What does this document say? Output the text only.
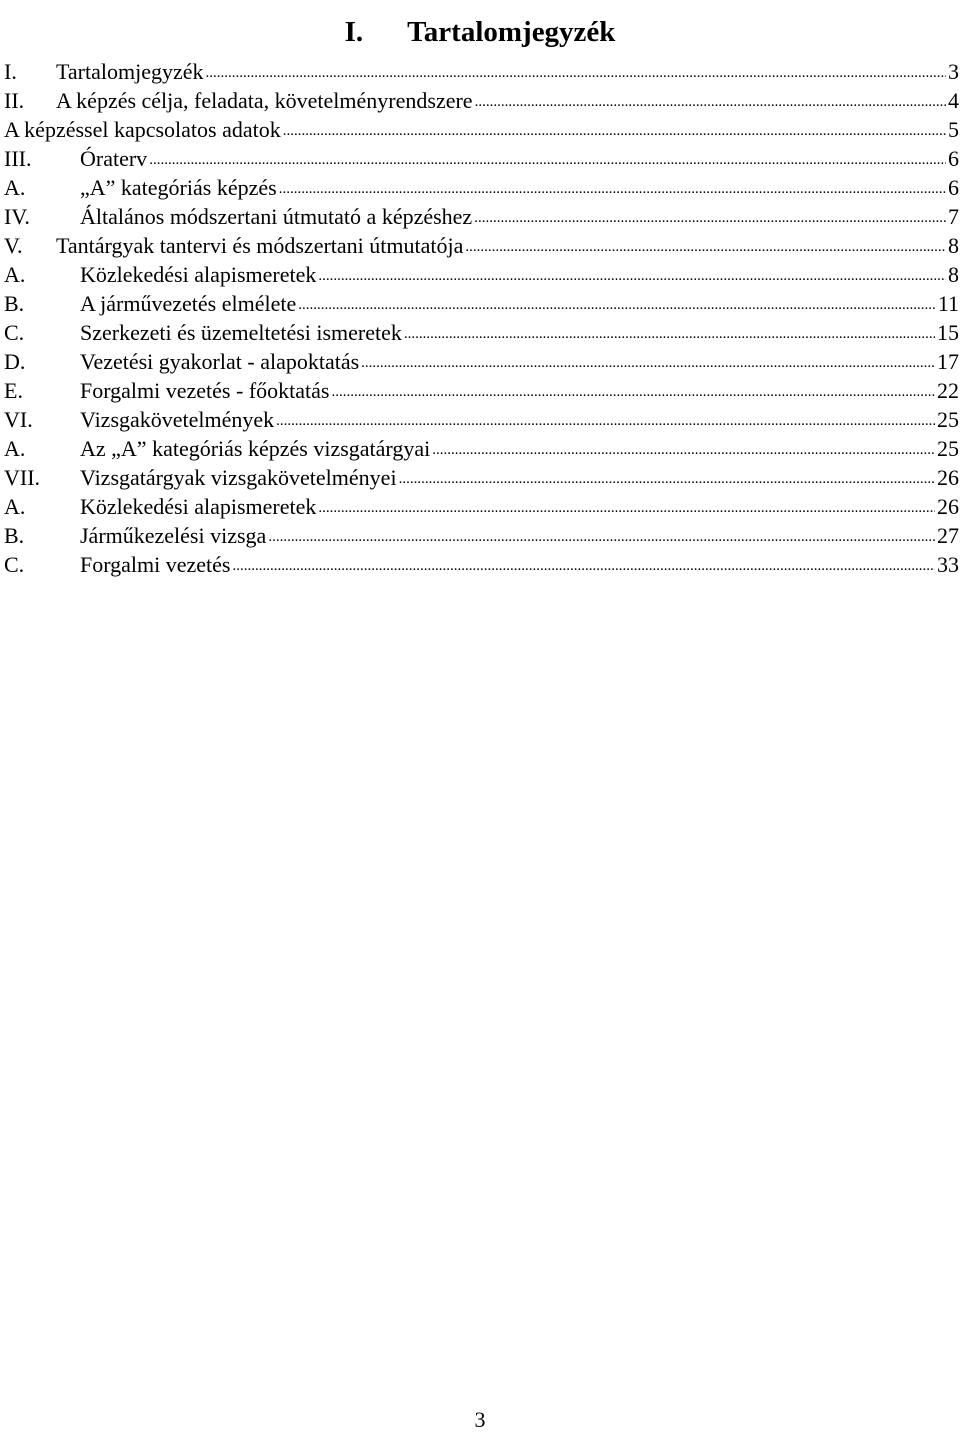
I. Tartalomjegyzék
I.	Tartalomjegyzék .....	3
II.	A képzés célja, feladata, követelményrendszere .....	4
A képzéssel kapcsolatos adatok .....	5
III.	Óraterv .....	6
A.	„A” kategóriás képzés .....	6
IV.	Általános módszertani útmutató a képzéshez .....	7
V.	Tantárgyak tantervi és módszertani útmutatója .....	8
A.	Közlekedési alapismeretek .....	8
B.	A járművezetés elmélete .....	11
C.	Szerkezeti és üzemeltetési ismeretek .....	15
D.	Vezetési gyakorlat - alapoktatás .....	17
E.	Forgalmi vezetés - főoktatás .....	22
VI.	Vizsgakövetelmények .....	25
A.	Az „A” kategóriás képzés vizsgatárgyai .....	25
VII.	Vizsgatárgyak vizsgakövetelményei .....	26
A.	Közlekedési alapismeretek .....	26
B.	Járműkezelési vizsga .....	27
C.	Forgalmi vezetés .....	33
3
